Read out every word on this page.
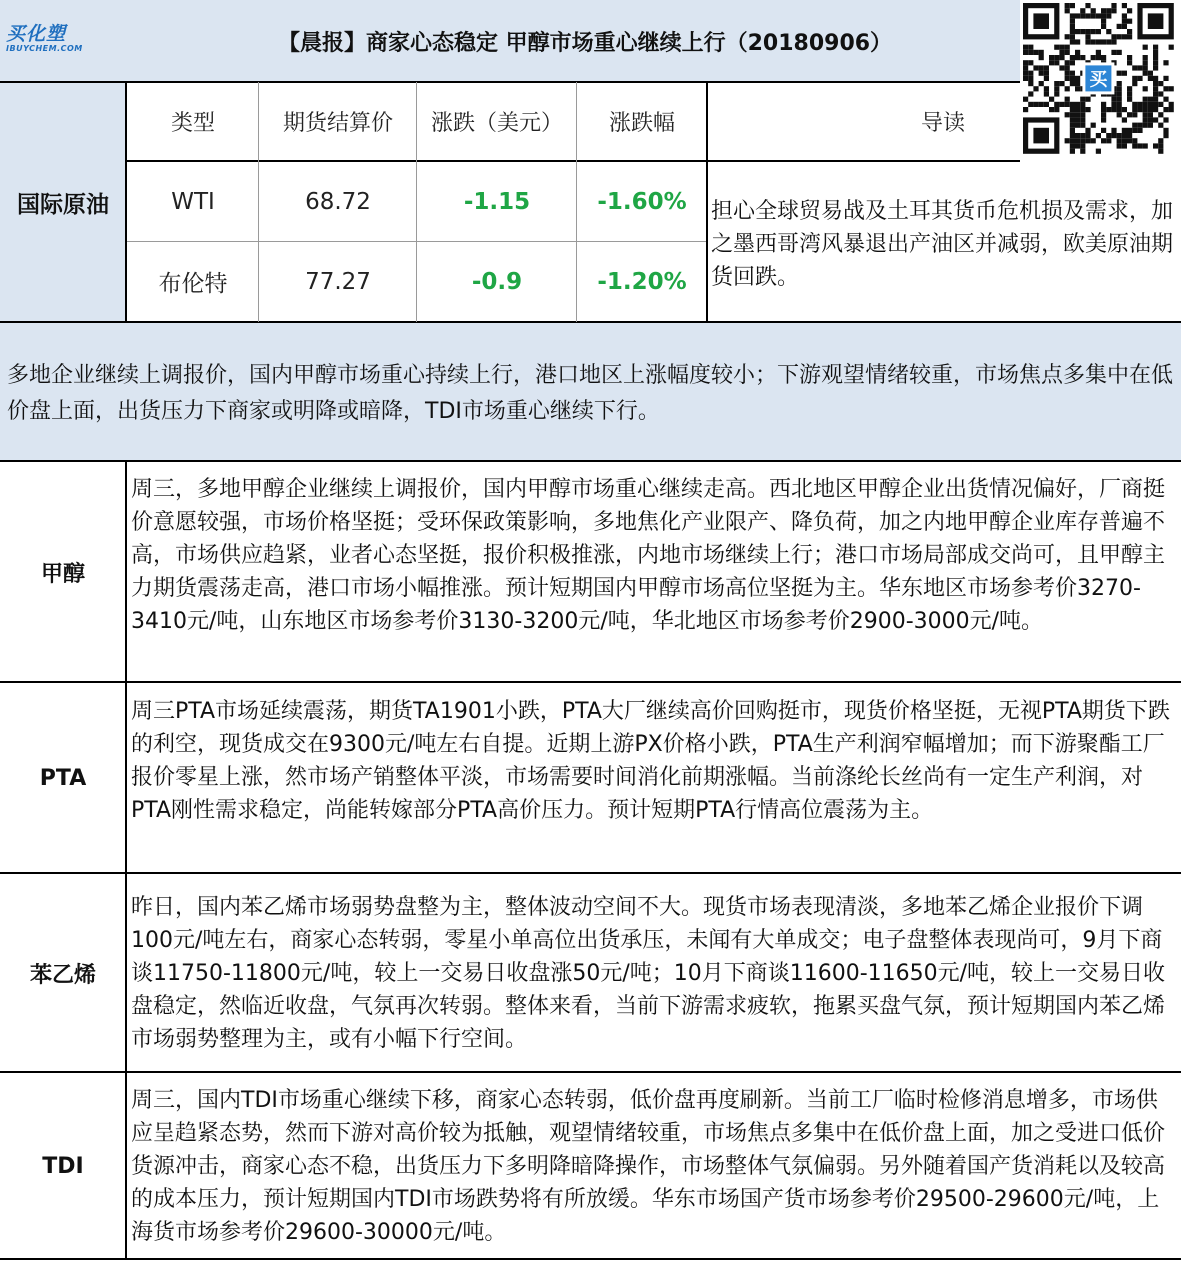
买化塑
IBUYCHEM.COM	【晨报】商家心态稳定 甲醇市场重心继续上行（20180906）
买
国际原油
类型	期货结算价	涨跌（美元）	涨跌幅	导读
WTI	68.72	-1.15	-1.60%
布伦特	77.27	-0.9	-1.20%
担心全球贸易战及土耳其货币危机损及需求，加之墨西哥湾风暴退出产油区并减弱，欧美原油期货回跌。
多地企业继续上调报价，国内甲醇市场重心持续上行，港口地区上涨幅度较小；下游观望情绪较重，市场焦点多集中在低价盘上面，出货压力下商家或明降或暗降，TDI市场重心继续下行。
甲醇
周三，多地甲醇企业继续上调报价，国内甲醇市场重心继续走高。西北地区甲醇企业出货情况偏好，厂商挺价意愿较强，市场价格坚挺；受环保政策影响，多地焦化产业限产、降负荷，加之内地甲醇企业库存普遍不高，市场供应趋紧，业者心态坚挺，报价积极推涨，内地市场继续上行；港口市场局部成交尚可，且甲醇主力期货震荡走高，港口市场小幅推涨。预计短期国内甲醇市场高位坚挺为主。华东地区市场参考价3270-3410元/吨，山东地区市场参考价3130-3200元/吨，华北地区市场参考价2900-3000元/吨。
PTA
周三PTA市场延续震荡，期货TA1901小跌，PTA大厂继续高价回购挺市，现货价格坚挺，无视PTA期货下跌的利空，现货成交在9300元/吨左右自提。近期上游PX价格小跌，PTA生产利润窄幅增加；而下游聚酯工厂报价零星上涨，然市场产销整体平淡，市场需要时间消化前期涨幅。当前涤纶长丝尚有一定生产利润，对PTA刚性需求稳定，尚能转嫁部分PTA高价压力。预计短期PTA行情高位震荡为主。
苯乙烯
昨日，国内苯乙烯市场弱势盘整为主，整体波动空间不大。现货市场表现清淡，多地苯乙烯企业报价下调100元/吨左右，商家心态转弱，零星小单高位出货承压，未闻有大单成交；电子盘整体表现尚可，9月下商谈11750-11800元/吨，较上一交易日收盘涨50元/吨；10月下商谈11600-11650元/吨，较上一交易日收盘稳定，然临近收盘，气氛再次转弱。整体来看，当前下游需求疲软，拖累买盘气氛，预计短期国内苯乙烯市场弱势整理为主，或有小幅下行空间。
TDI
周三，国内TDI市场重心继续下移，商家心态转弱，低价盘再度刷新。当前工厂临时检修消息增多，市场供应呈趋紧态势，然而下游对高价较为抵触，观望情绪较重，市场焦点多集中在低价盘上面，加之受进口低价货源冲击，商家心态不稳，出货压力下多明降暗降操作，市场整体气氛偏弱。另外随着国产货消耗以及较高的成本压力，预计短期国内TDI市场跌势将有所放缓。华东市场国产货市场参考价29500-29600元/吨，上海货市场参考价29600-30000元/吨。
